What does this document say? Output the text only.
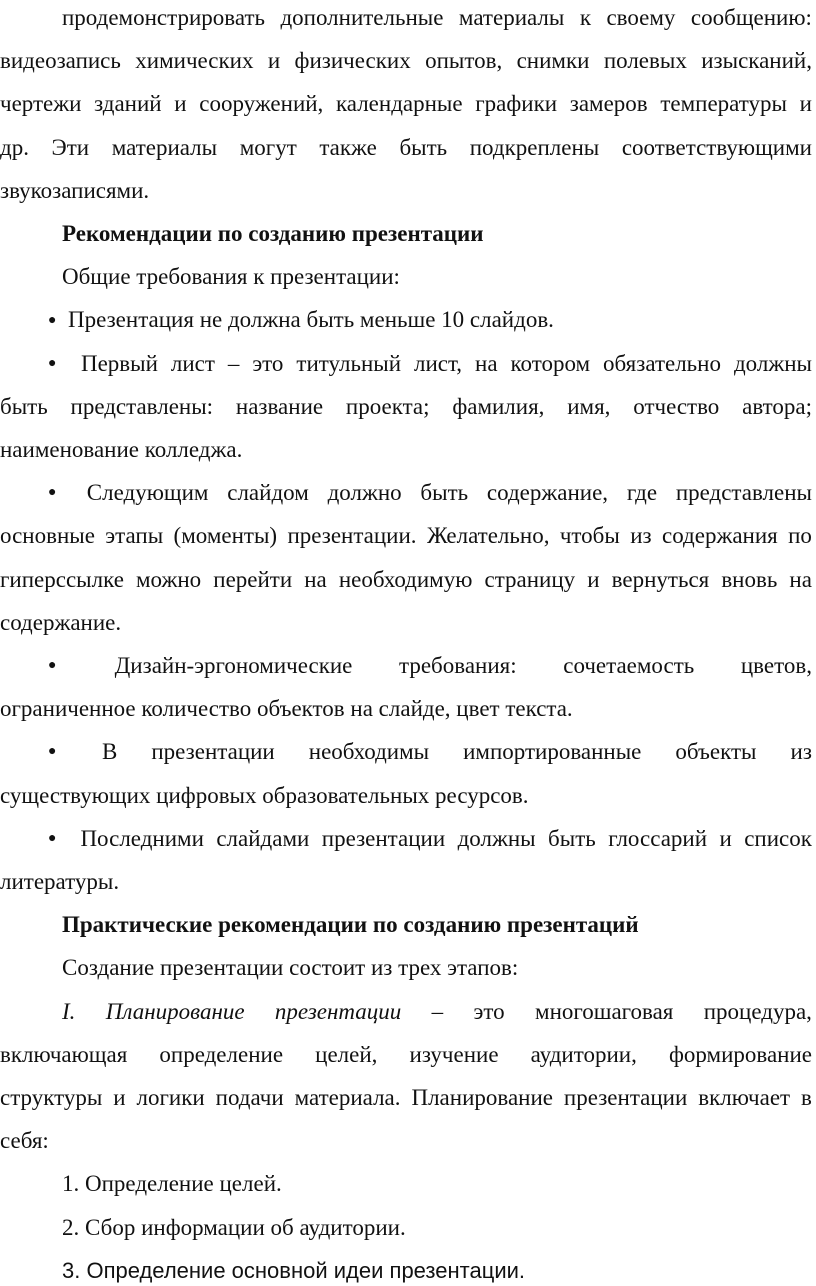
продемонстрировать дополнительные материалы к своему сообщению:
видеозапись химических и физических опытов, снимки полевых изысканий,
чертежи зданий и сооружений, календарные графики замеров температуры и
др. Эти материалы могут также быть подкреплены соответствующими
звукозаписями.
Рекомендации по созданию презентации
Общие требования к презентации:
● Презентация не должна быть меньше 10 слайдов.
●	Первый лист – это титульный лист, на котором обязательно должны
быть представлены: название проекта; фамилия, имя, отчество автора;
наименование колледжа.
●	Следующим слайдом должно быть содержание, где представлены
основные этапы (моменты) презентации. Желательно, чтобы из содержания по
гиперссылке можно перейти на необходимую страницу и вернуться вновь на
содержание.
●	Дизайн-эргономические требования: сочетаемость цветов,
ограниченное количество объектов на слайде, цвет текста.
●	В презентации необходимы импортированные объекты из
существующих цифровых образовательных ресурсов.
●	Последними слайдами презентации должны быть глоссарий и список
литературы.
Практические рекомендации по созданию презентаций
Создание презентации состоит из трех этапов:
I. Планирование презентации – это многошаговая процедура,
включающая определение целей, изучение аудитории, формирование
структуры и логики подачи материала. Планирование презентации включает в
себя:
1. Определение целей.
2. Сбор информации об аудитории.
3. Определение основной идеи презентации.
